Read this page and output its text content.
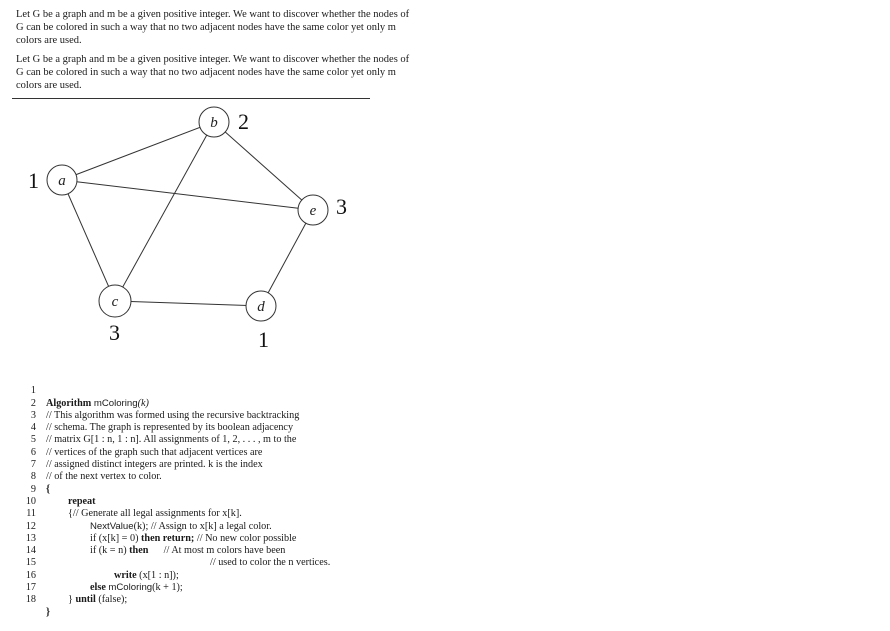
Let G be a graph and m be a given positive integer. We want to discover whether the nodes of G can be colored in such a way that no two adjacent nodes have the same color yet only m colors are used.
Let G be a graph and m be a given positive integer. We want to discover whether the nodes of G can be colored in such a way that no two adjacent nodes have the same color yet only m colors are used.
a
b
c	d
e
1
2
3	1
3

1

Algorithm mColoring(k)

2

// This algorithm was formed using the recursive backtracking

3

// schema. The graph is represented by its boolean adjacency

4

// matrix G[1 : n, 1 : n]. All assignments of 1, 2, . . . , m to the

5

// vertices of the graph such that adjacent vertices are

6

// assigned distinct integers are printed. k is the index

7

// of the next vertex to color.

8

{

9

repeat

10

{// Generate all legal assignments for x[k].

11

NextValue(k); // Assign to x[k] a legal color.

12

if (x[k] = 0) then return; // No new color possible

13

if (k = n) then      // At most m colors have been

14

// used to color the n vertices.

15

write (x[1 : n]);

16

else mColoring(k + 1);

17

} until (false);

18

}
